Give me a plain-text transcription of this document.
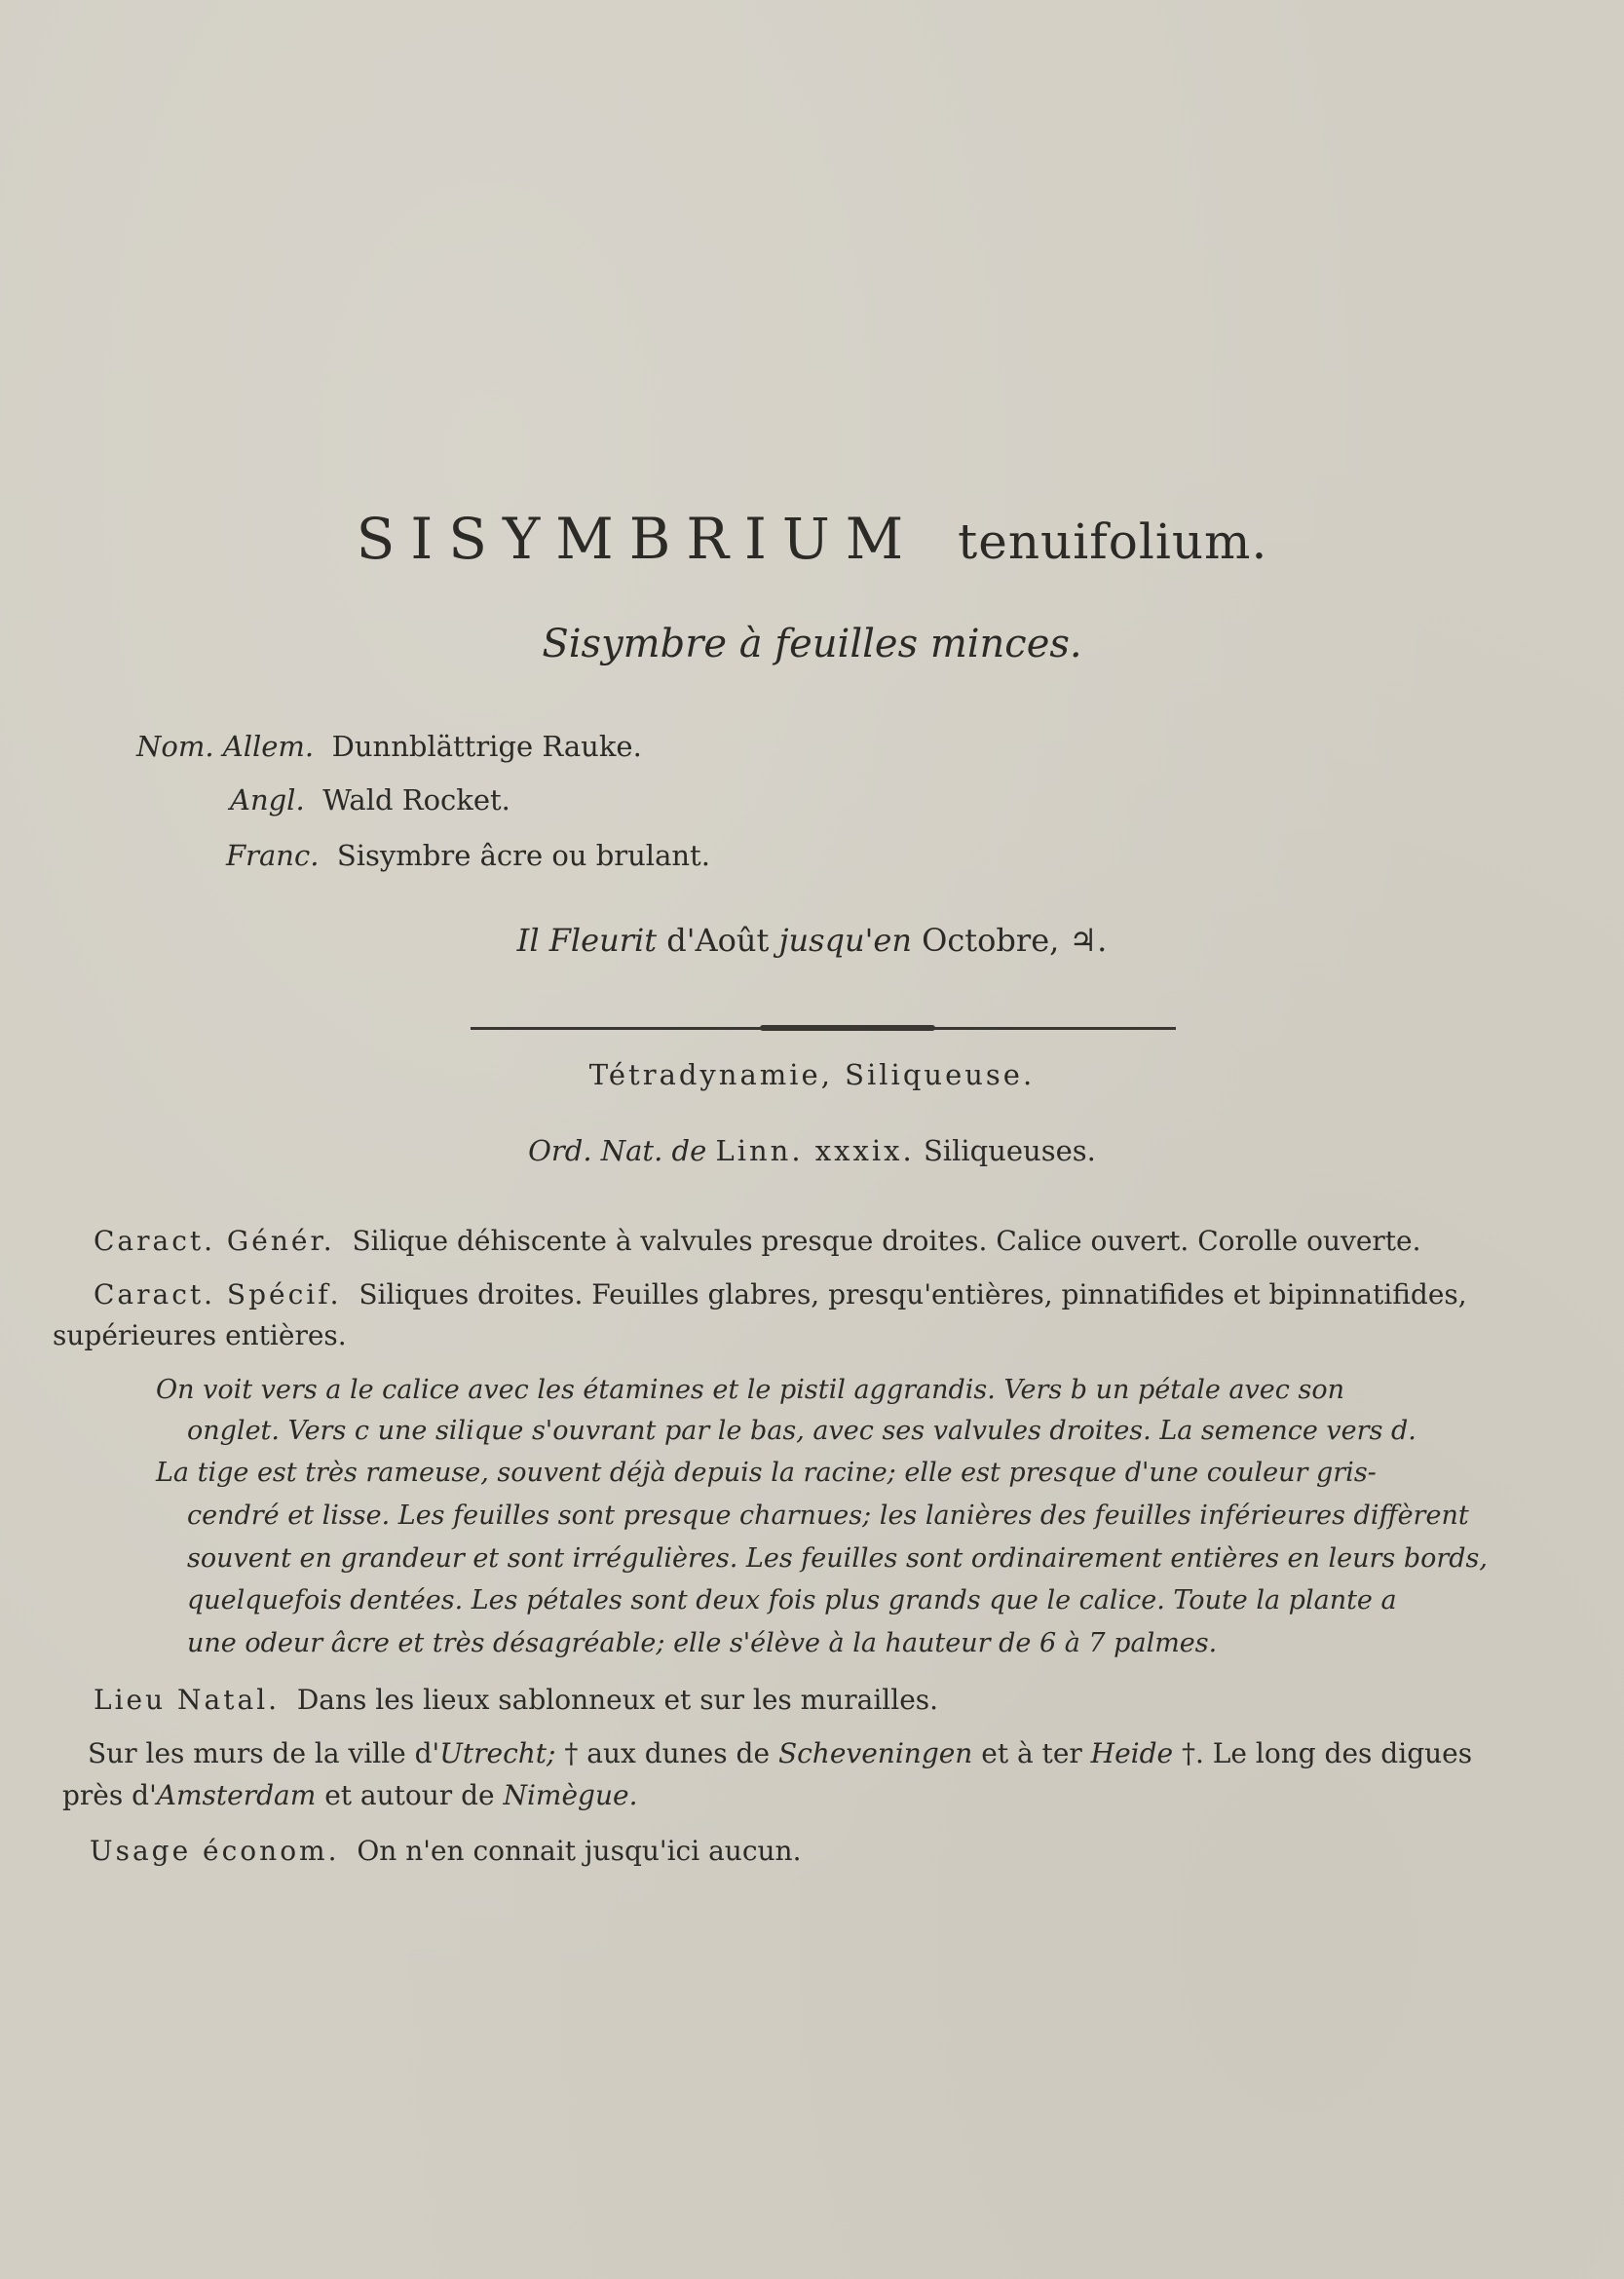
SISYMBRIUM tenuifolium.
Sisymbre à feuilles minces.
Nom. Allem. Dunnblättrige Rauke.
Angl. Wald Rocket.
Franc. Sisymbre âcre ou brulant.
Il Fleurit d'Août jusqu'en Octobre, ♃.
Tétradynamie, Siliqueuse.
Ord. Nat. de Linn. xxxix. Siliqueuses.
Caract. Génér. Silique déhiscente à valvules presque droites. Calice ouvert. Corolle ouverte.
Caract. Spécif. Siliques droites. Feuilles glabres, presqu'entières, pinnatifides et bipinnatifides,
supérieures entières.
On voit vers a le calice avec les étamines et le pistil aggrandis. Vers b un pétale avec son
onglet. Vers c une silique s'ouvrant par le bas, avec ses valvules droites. La semence vers d.
La tige est très rameuse, souvent déjà depuis la racine; elle est presque d'une couleur gris-
cendré et lisse. Les feuilles sont presque charnues; les lanières des feuilles inférieures diffèrent
souvent en grandeur et sont irrégulières. Les feuilles sont ordinairement entières en leurs bords,
quelquefois dentées. Les pétales sont deux fois plus grands que le calice. Toute la plante a
une odeur âcre et très désagréable; elle s'élève à la hauteur de 6 à 7 palmes.
Lieu Natal. Dans les lieux sablonneux et sur les murailles.
Sur les murs de la ville d'Utrecht; † aux dunes de Scheveningen et à ter Heide †. Le long des digues
près d'Amsterdam et autour de Nimègue.
Usage économ. On n'en connait jusqu'ici aucun.
